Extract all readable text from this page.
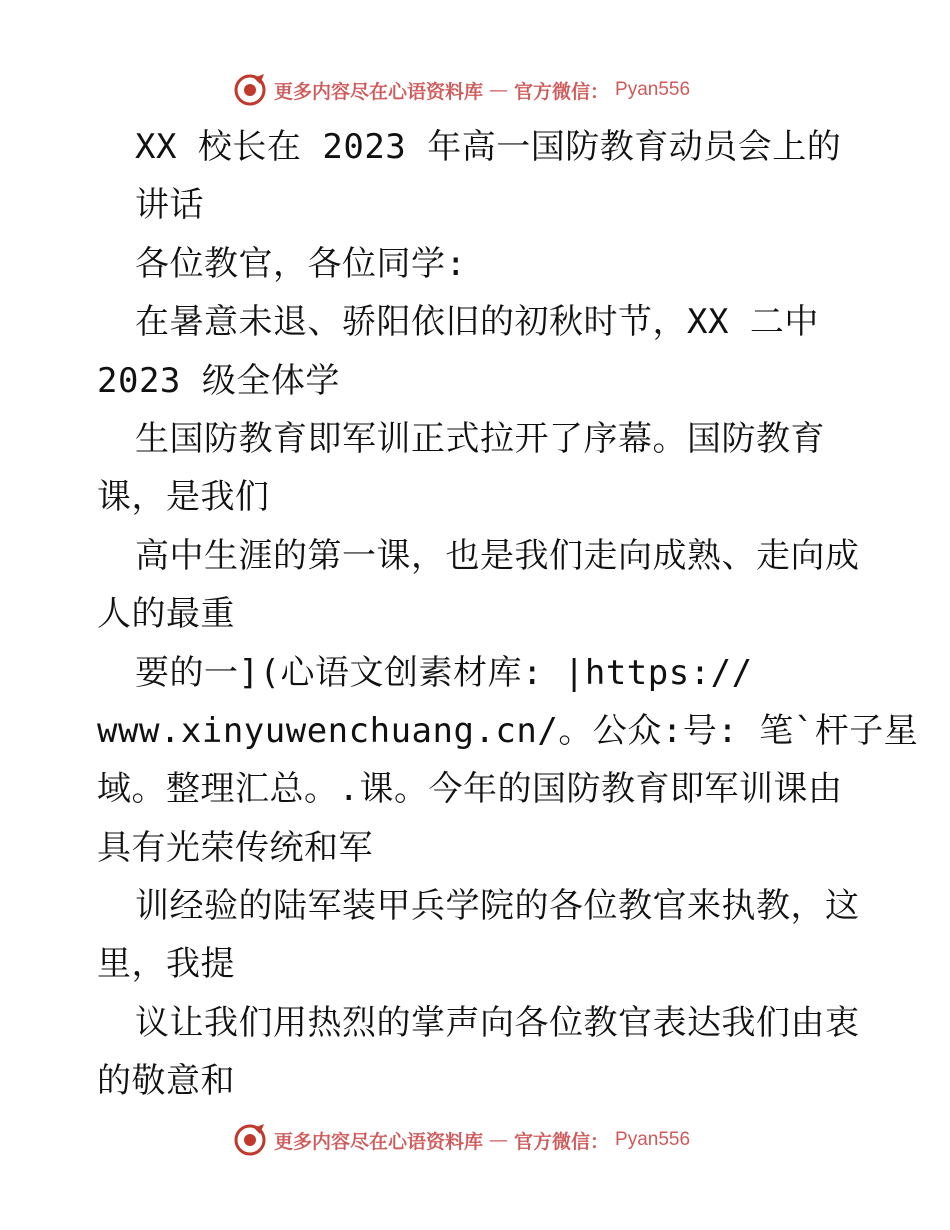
更多内容尽在心语资料库 — 官方微信： Pyan556
XX 校长在 2023 年高一国防教育动员会上的
讲话
各位教官，各位同学:
在暑意未退、骄阳依旧的初秋时节，XX 二中
2023 级全体学
生国防教育即军训正式拉开了序幕。国防教育
课，是我们
高中生涯的第一课，也是我们走向成熟、走向成
人的最重
要的一](心语文创素材库: |https://
www.xinyuwenchuang.cn/。公众:号: 笔`杆子星
域。整理汇总。.课。今年的国防教育即军训课由
具有光荣传统和军
训经验的陆军装甲兵学院的各位教官来执教，这
里，我提
议让我们用热烈的掌声向各位教官表达我们由衷
的敬意和
更多内容尽在心语资料库 — 官方微信： Pyan556
